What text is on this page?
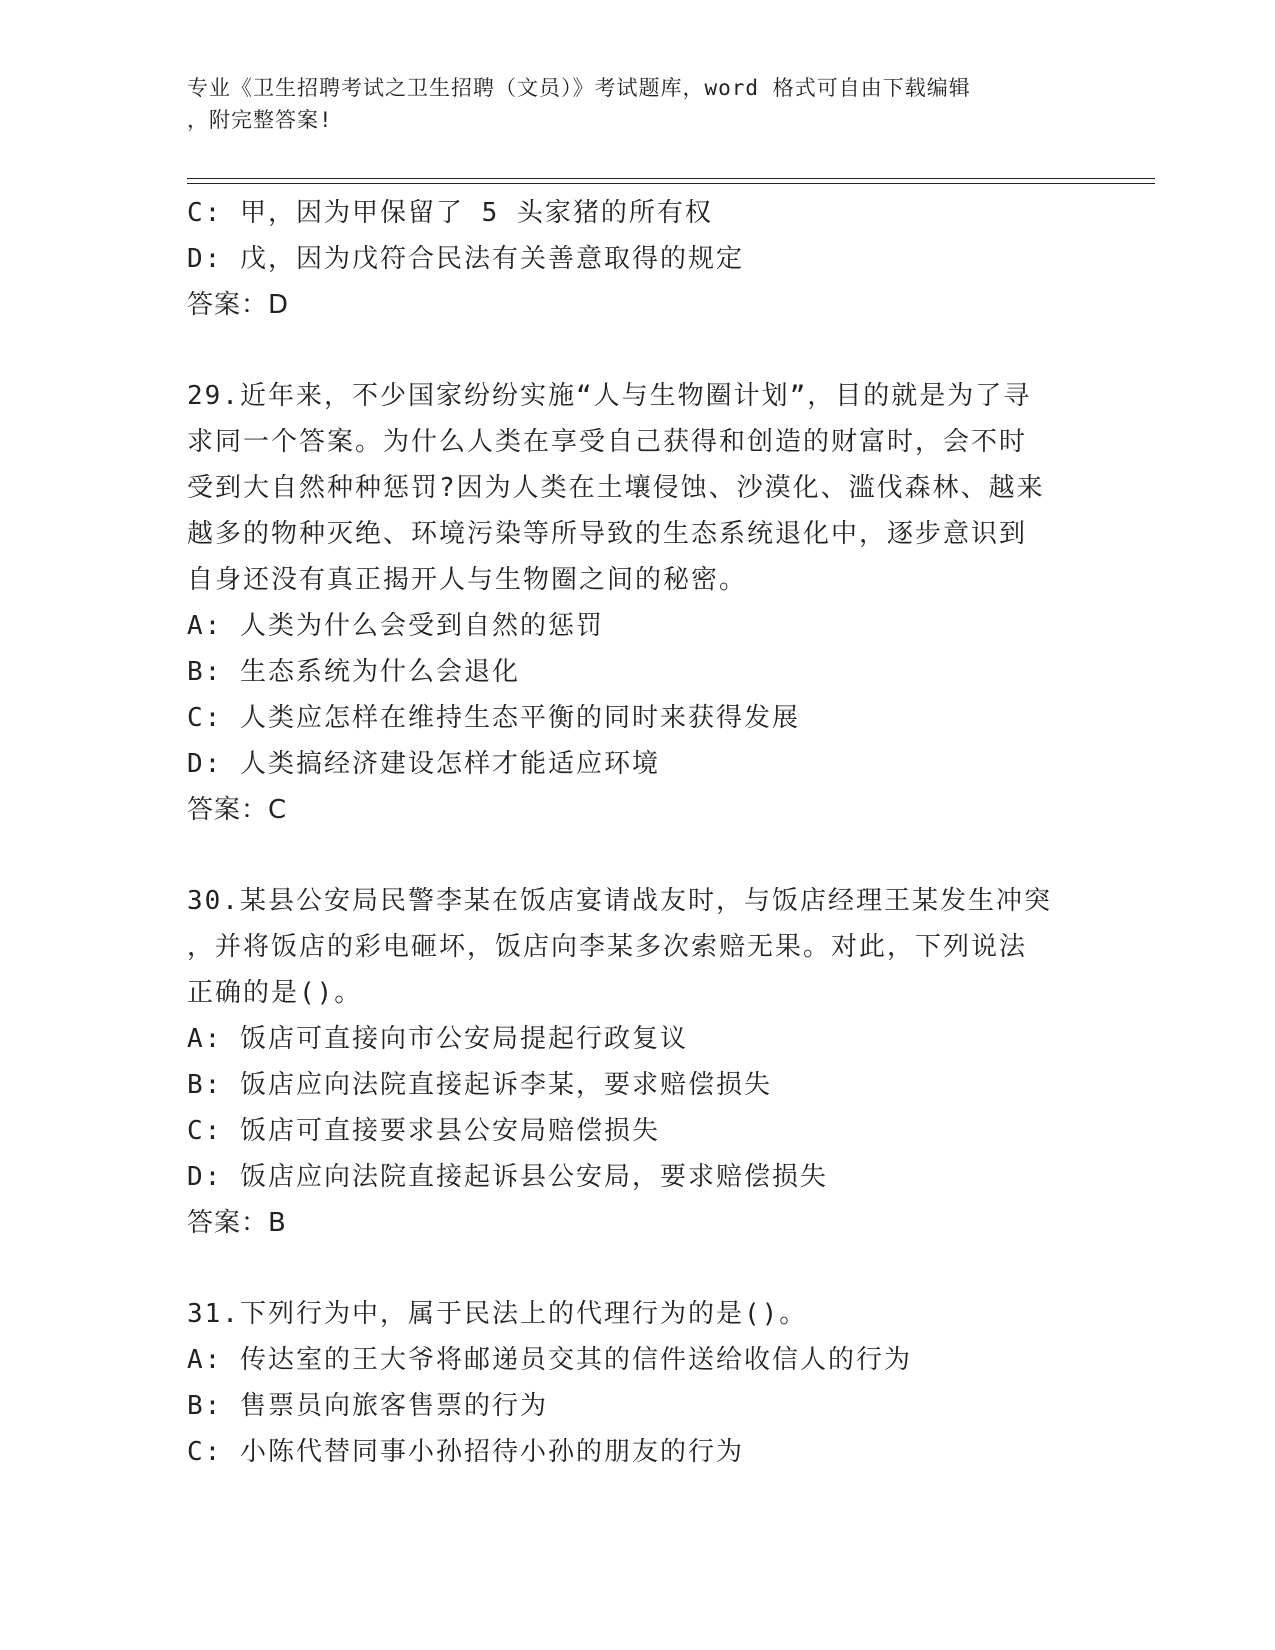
专业《卫生招聘考试之卫生招聘（文员）》考试题库，word 格式可自由下载编辑
，附完整答案!
C: 甲，因为甲保留了 5 头家猪的所有权
D: 戊，因为戊符合民法有关善意取得的规定
答案：D
29.近年来，不少国家纷纷实施“人与生物圈计划”，目的就是为了寻
求同一个答案。为什么人类在享受自己获得和创造的财富时，会不时
受到大自然种种惩罚?因为人类在土壤侵蚀、沙漠化、滥伐森林、越来
越多的物种灭绝、环境污染等所导致的生态系统退化中，逐步意识到
自身还没有真正揭开人与生物圈之间的秘密。
A: 人类为什么会受到自然的惩罚
B: 生态系统为什么会退化
C: 人类应怎样在维持生态平衡的同时来获得发展
D: 人类搞经济建设怎样才能适应环境
答案：C
30.某县公安局民警李某在饭店宴请战友时，与饭店经理王某发生冲突
，并将饭店的彩电砸坏，饭店向李某多次索赔无果。对此，下列说法
正确的是()。
A: 饭店可直接向市公安局提起行政复议
B: 饭店应向法院直接起诉李某，要求赔偿损失
C: 饭店可直接要求县公安局赔偿损失
D: 饭店应向法院直接起诉县公安局，要求赔偿损失
答案：B
31.下列行为中，属于民法上的代理行为的是()。
A: 传达室的王大爷将邮递员交其的信件送给收信人的行为
B: 售票员向旅客售票的行为
C: 小陈代替同事小孙招待小孙的朋友的行为
